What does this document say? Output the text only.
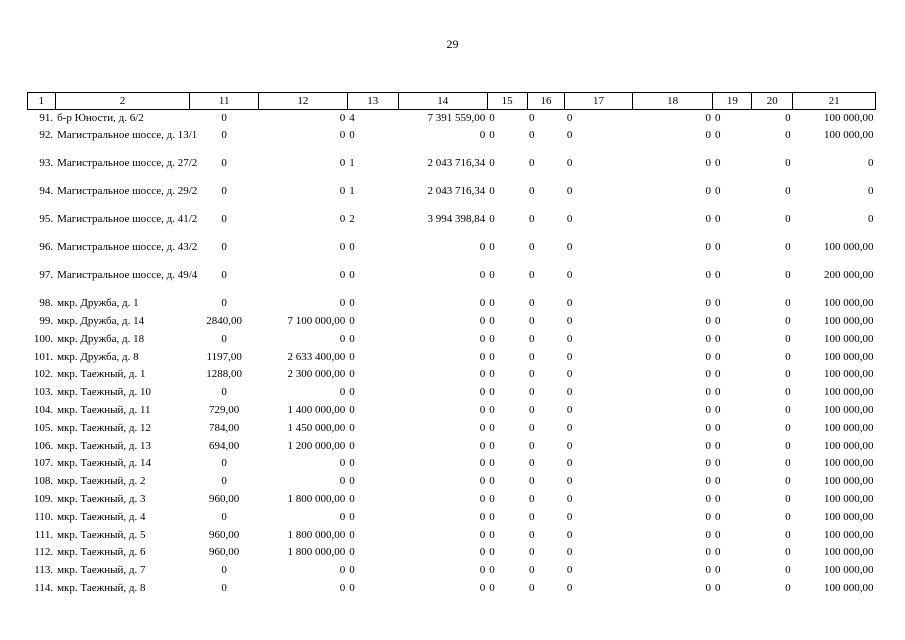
29
1	2	11	12	13	14	15	16	17	18	19	20	21
91.	б-р Юности, д. 6/2	0	0	4	7 391 559,00	0	0	0	0	0	0	100 000,00
92.	Магистральное шоссе, д. 13/1	0	0	0	0	0	0	0	0	0	0	100 000,00
93.	Магистральное шоссе, д. 27/2	0	0	1	2 043 716,34	0	0	0	0	0	0	0
94.	Магистральное шоссе, д. 29/2	0	0	1	2 043 716,34	0	0	0	0	0	0	0
95.	Магистральное шоссе, д. 41/2	0	0	2	3 994 398,84	0	0	0	0	0	0	0
96.	Магистральное шоссе, д. 43/2	0	0	0	0	0	0	0	0	0	0	100 000,00
97.	Магистральное шоссе, д. 49/4	0	0	0	0	0	0	0	0	0	0	200 000,00
98.	мкр. Дружба, д. 1	0	0	0	0	0	0	0	0	0	0	100 000,00
99.	мкр. Дружба, д. 14	2840,00	7 100 000,00	0	0	0	0	0	0	0	0	100 000,00
100.	мкр. Дружба, д. 18	0	0	0	0	0	0	0	0	0	0	100 000,00
101.	мкр. Дружба, д. 8	1197,00	2 633 400,00	0	0	0	0	0	0	0	0	100 000,00
102.	мкр. Таежный, д. 1	1288,00	2 300 000,00	0	0	0	0	0	0	0	0	100 000,00
103.	мкр. Таежный, д. 10	0	0	0	0	0	0	0	0	0	0	100 000,00
104.	мкр. Таежный, д. 11	729,00	1 400 000,00	0	0	0	0	0	0	0	0	100 000,00
105.	мкр. Таежный, д. 12	784,00	1 450 000,00	0	0	0	0	0	0	0	0	100 000,00
106.	мкр. Таежный, д. 13	694,00	1 200 000,00	0	0	0	0	0	0	0	0	100 000,00
107.	мкр. Таежный, д. 14	0	0	0	0	0	0	0	0	0	0	100 000,00
108.	мкр. Таежный, д. 2	0	0	0	0	0	0	0	0	0	0	100 000,00
109.	мкр. Таежный, д. 3	960,00	1 800 000,00	0	0	0	0	0	0	0	0	100 000,00
110.	мкр. Таежный, д. 4	0	0	0	0	0	0	0	0	0	0	100 000,00
111.	мкр. Таежный, д. 5	960,00	1 800 000,00	0	0	0	0	0	0	0	0	100 000,00
112.	мкр. Таежный, д. 6	960,00	1 800 000,00	0	0	0	0	0	0	0	0	100 000,00
113.	мкр. Таежный, д. 7	0	0	0	0	0	0	0	0	0	0	100 000,00
114.	мкр. Таежный, д. 8	0	0	0	0	0	0	0	0	0	0	100 000,00
